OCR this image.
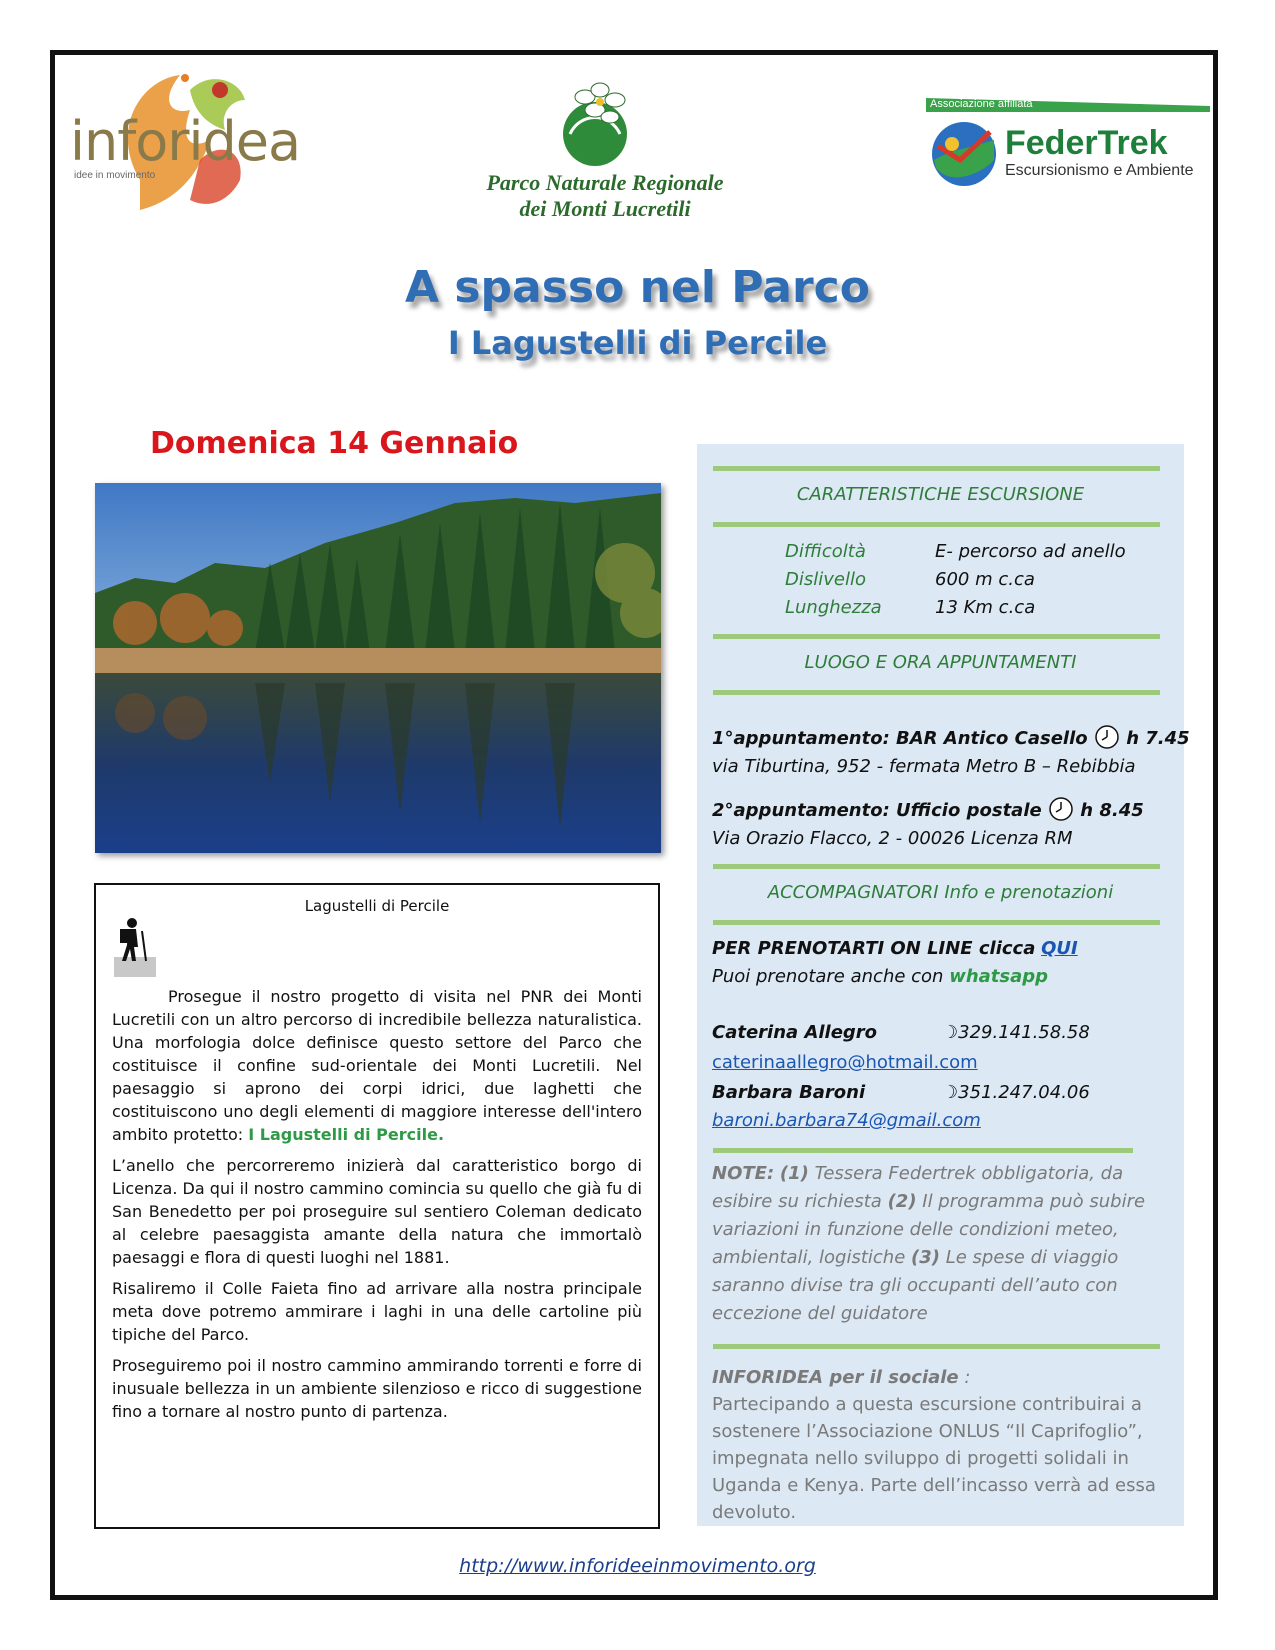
inforidea
idee in movimento	Parco Naturale Regionale
dei Monti Lucretili
Associazione affiliata
FederTrek
Escursionismo e Ambiente
A spasso nel Parco
I Lagustelli di Percile
Domenica 14 Gennaio
Lagustelli di Percile

Prosegue il nostro progetto di visita nel PNR dei Monti Lucretili con un altro percorso di incredibile bellezza naturalistica. Una morfologia dolce definisce questo settore del Parco che costituisce il confine sud-orientale dei Monti Lucretili. Nel paesaggio si aprono dei corpi idrici, due laghetti che costituiscono uno degli elementi di maggiore interesse dell'intero ambito protetto: I Lagustelli di Percile.

L’anello che percorreremo inizierà dal caratteristico borgo di Licenza. Da qui il nostro cammino comincia su quello che già fu di San Benedetto per poi proseguire sul sentiero Coleman dedicato al celebre paesaggista amante della natura che immortalò paesaggi e flora di questi luoghi nel 1881.

Risaliremo il Colle Faieta fino ad arrivare alla nostra principale meta dove potremo ammirare i laghi in una delle cartoline più tipiche del Parco.

Proseguiremo poi il nostro cammino ammirando torrenti e forre di inusuale bellezza in un ambiente silenzioso e ricco di suggestione fino a tornare al nostro punto di partenza.

CARATTERISTICHE ESCURSIONE
Difficoltà	E- percorso ad anello
Dislivello	600 m c.ca
Lunghezza	13 Km c.ca
LUOGO E ORA APPUNTAMENTI
1°appuntamento: BAR Antico Casello h 7.45
via Tiburtina, 952 - fermata Metro B – Rebibbia
2°appuntamento: Ufficio postale h 8.45
Via Orazio Flacco, 2 - 00026 Licenza RM
ACCOMPAGNATORI Info e prenotazioni
PER PRENOTARTI ON LINE clicca QUI
Puoi prenotare anche con whatsapp
Caterina Allegro	☽329.141.58.58
caterinaallegro@hotmail.com
Barbara Baroni	☽351.247.04.06
baroni.barbara74@gmail.com
NOTE: (1) Tessera Federtrek obbligatoria, da esibire su richiesta (2) Il programma può subire variazioni in funzione delle condizioni meteo, ambientali, logistiche (3) Le spese di viaggio saranno divise tra gli occupanti dell’auto con eccezione del guidatore
INFORIDEA per il sociale :
Partecipando a questa escursione contribuirai a sostenere l’Associazione ONLUS “Il Caprifoglio”, impegnata nello sviluppo di progetti solidali in Uganda e Kenya. Parte dell’incasso verrà ad essa devoluto.
http://www.inforideeinmovimento.org
